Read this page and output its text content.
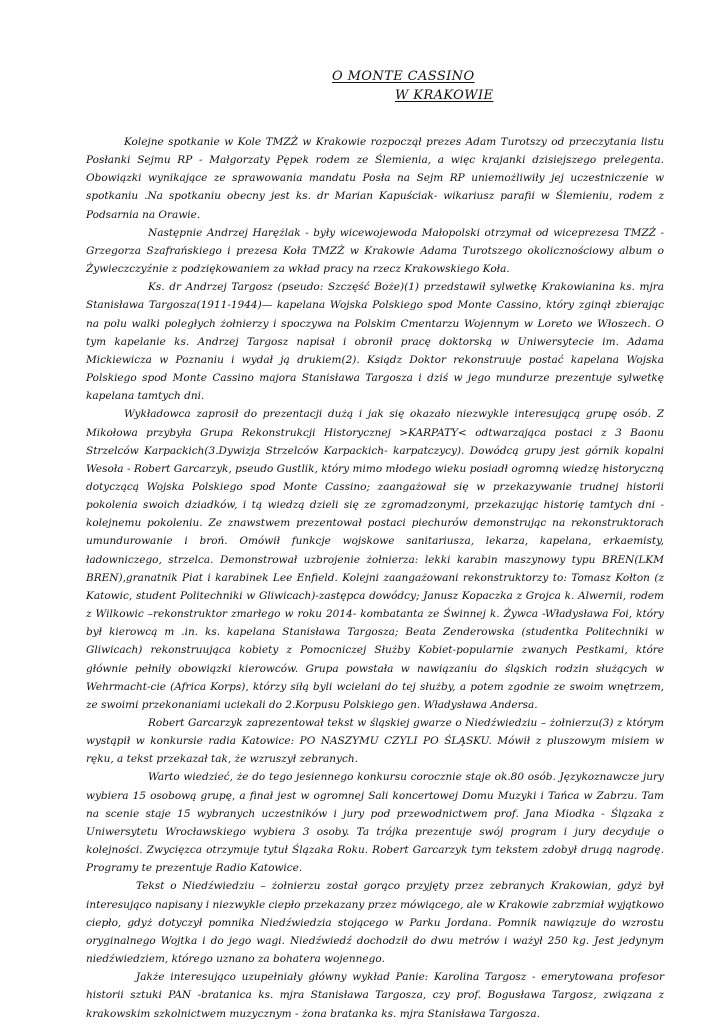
O MONTE CASSINO
W KRAKOWIE

Kolejne spotkanie w Kole TMZŻ w Krakowie rozpoczął prezes Adam Turotszy od przeczytania listu Posłanki Sejmu RP - Małgorzaty Pępek rodem ze Ślemienia, a więc krajanki dzisiejszego prelegenta. Obowiązki wynikające ze sprawowania mandatu Posła na Sejm RP uniemożliwiły jej uczestniczenie w spotkaniu .Na spotkaniu obecny jest ks. dr Marian Kapuściak- wikariusz parafii w Ślemieniu, rodem z Podsarnia na Orawie.

Następnie Andrzej Harężlak - były wicewojewoda Małopolski otrzymał od wiceprezesa TMZŻ -Grzegorza Szafrańskiego i prezesa Koła TMZŻ w Krakowie Adama Turotszego okolicznościowy album o Żywieczczyźnie z podziękowaniem za wkład pracy na rzecz Krakowskiego Koła.

Ks. dr Andrzej Targosz (pseudo: Szczęść Boże)(1) przedstawił sylwetkę Krakowianina ks. mjra Stanisława Targosza(1911-1944)— kapelana Wojska Polskiego spod Monte Cassino, który zginął zbierając na polu walki poległych żołnierzy i spoczywa na Polskim Cmentarzu Wojennym w Loreto we Włoszech. O tym kapelanie ks. Andrzej Targosz napisał i obronił pracę doktorską w Uniwersytecie im. Adama Mickiewicza w Poznaniu i wydał ją drukiem(2). Ksiądz Doktor rekonstruuje postać kapelana Wojska Polskiego spod Monte Cassino majora Stanisława Targosza i dziś w jego mundurze prezentuje sylwetkę kapelana tamtych dni.

Wykładowca zaprosił do prezentacji dużą i jak się okazało niezwykle interesującą grupę osób. Z Mikołowa przybyła Grupa Rekonstrukcji Historycznej >KARPATY< odtwarzająca postaci z 3 Baonu Strzelców Karpackich(3.Dywizja Strzelców Karpackich- karpatczycy). Dowódcą grupy jest górnik kopalni Wesoła - Robert Garcarzyk, pseudo Gustlik, który mimo młodego wieku posiadł ogromną wiedzę historyczną dotyczącą Wojska Polskiego spod Monte Cassino; zaangażował się w przekazywanie trudnej historii pokolenia swoich dziadków, i tą wiedzą dzieli się ze zgromadzonymi, przekazując historię tamtych dni - kolejnemu pokoleniu. Ze znawstwem prezentował postaci piechurów demonstrując na rekonstruktorach umundurowanie i broń. Omówił funkcje wojskowe sanitariusza, lekarza, kapelana, erkaemisty, ładowniczego, strzelca. Demonstrował uzbrojenie żołnierza: lekki karabin maszynowy typu BREN(LKM BREN),granatnik Piat i karabinek Lee Enfield. Kolejni zaangażowani rekonstruktorzy to: Tomasz Kołton (z Katowic, student Politechniki w Gliwicach)-zastępca dowódcy; Janusz Kopaczka z Grojca k. Alwernii, rodem z Wilkowic –rekonstruktor zmarłego w roku 2014- kombatanta ze Świnnej k. Żywca -Władysława Foi, który był kierowcą m .in. ks. kapelana Stanisława Targosza; Beata Zenderowska (studentka Politechniki w Gliwicach) rekonstruująca kobiety z Pomocniczej Służby Kobiet-popularnie zwanych Pestkami, które głównie pełniły obowiązki kierowców. Grupa powstała w nawiązaniu do śląskich rodzin służących w Wehrmacht-cie (Africa Korps), którzy siłą byli wcielani do tej służby, a potem zgodnie ze swoim wnętrzem, ze swoimi przekonaniami uciekali do 2.Korpusu Polskiego gen. Władysława Andersa.

Robert Garcarzyk zaprezentował tekst w śląskiej gwarze o Niedźwiedziu – żołnierzu(3) z którym wystąpił w konkursie radia Katowice: PO NASZYMU CZYLI PO ŚLĄSKU. Mówił z pluszowym misiem w ręku, a tekst przekazał tak, że wzruszył zebranych.

Warto wiedzieć, że do tego jesiennego konkursu corocznie staje ok.80 osób. Językoznawcze jury wybiera 15 osobową grupę, a finał jest w ogromnej Sali koncertowej Domu Muzyki i Tańca w Zabrzu. Tam na scenie staje 15 wybranych uczestników i jury pod przewodnictwem prof. Jana Miodka - Ślązaka z Uniwersytetu Wrocławskiego wybiera 3 osoby. Ta trójka prezentuje swój program i jury decyduje o kolejności. Zwycięzca otrzymuje tytuł Ślązaka Roku. Robert Garcarzyk tym tekstem zdobył drugą nagrodę. Programy te prezentuje Radio Katowice.

Tekst o Niedźwiedziu – żołnierzu został gorąco przyjęty przez zebranych Krakowian, gdyż był interesująco napisany i niezwykle ciepło przekazany przez mówiącego, ale w Krakowie zabrzmiał wyjątkowo ciepło, gdyż dotyczył pomnika Niedźwiedzia stojącego w Parku Jordana. Pomnik nawiązuje do wzrostu oryginalnego Wojtka i do jego wagi. Niedźwiedź dochodził do dwu metrów i ważył 250 kg. Jest jedynym niedźwiedziem, którego uznano za bohatera wojennego.

Jakże interesująco uzupełniały główny wykład Panie: Karolina Targosz - emerytowana profesor historii sztuki PAN -bratanica ks. mjra Stanisława Targosza, czy prof. Bogusława Targosz, związana z krakowskim szkolnictwem muzycznym - żona bratanka ks. mjra Stanisława Targosza.
